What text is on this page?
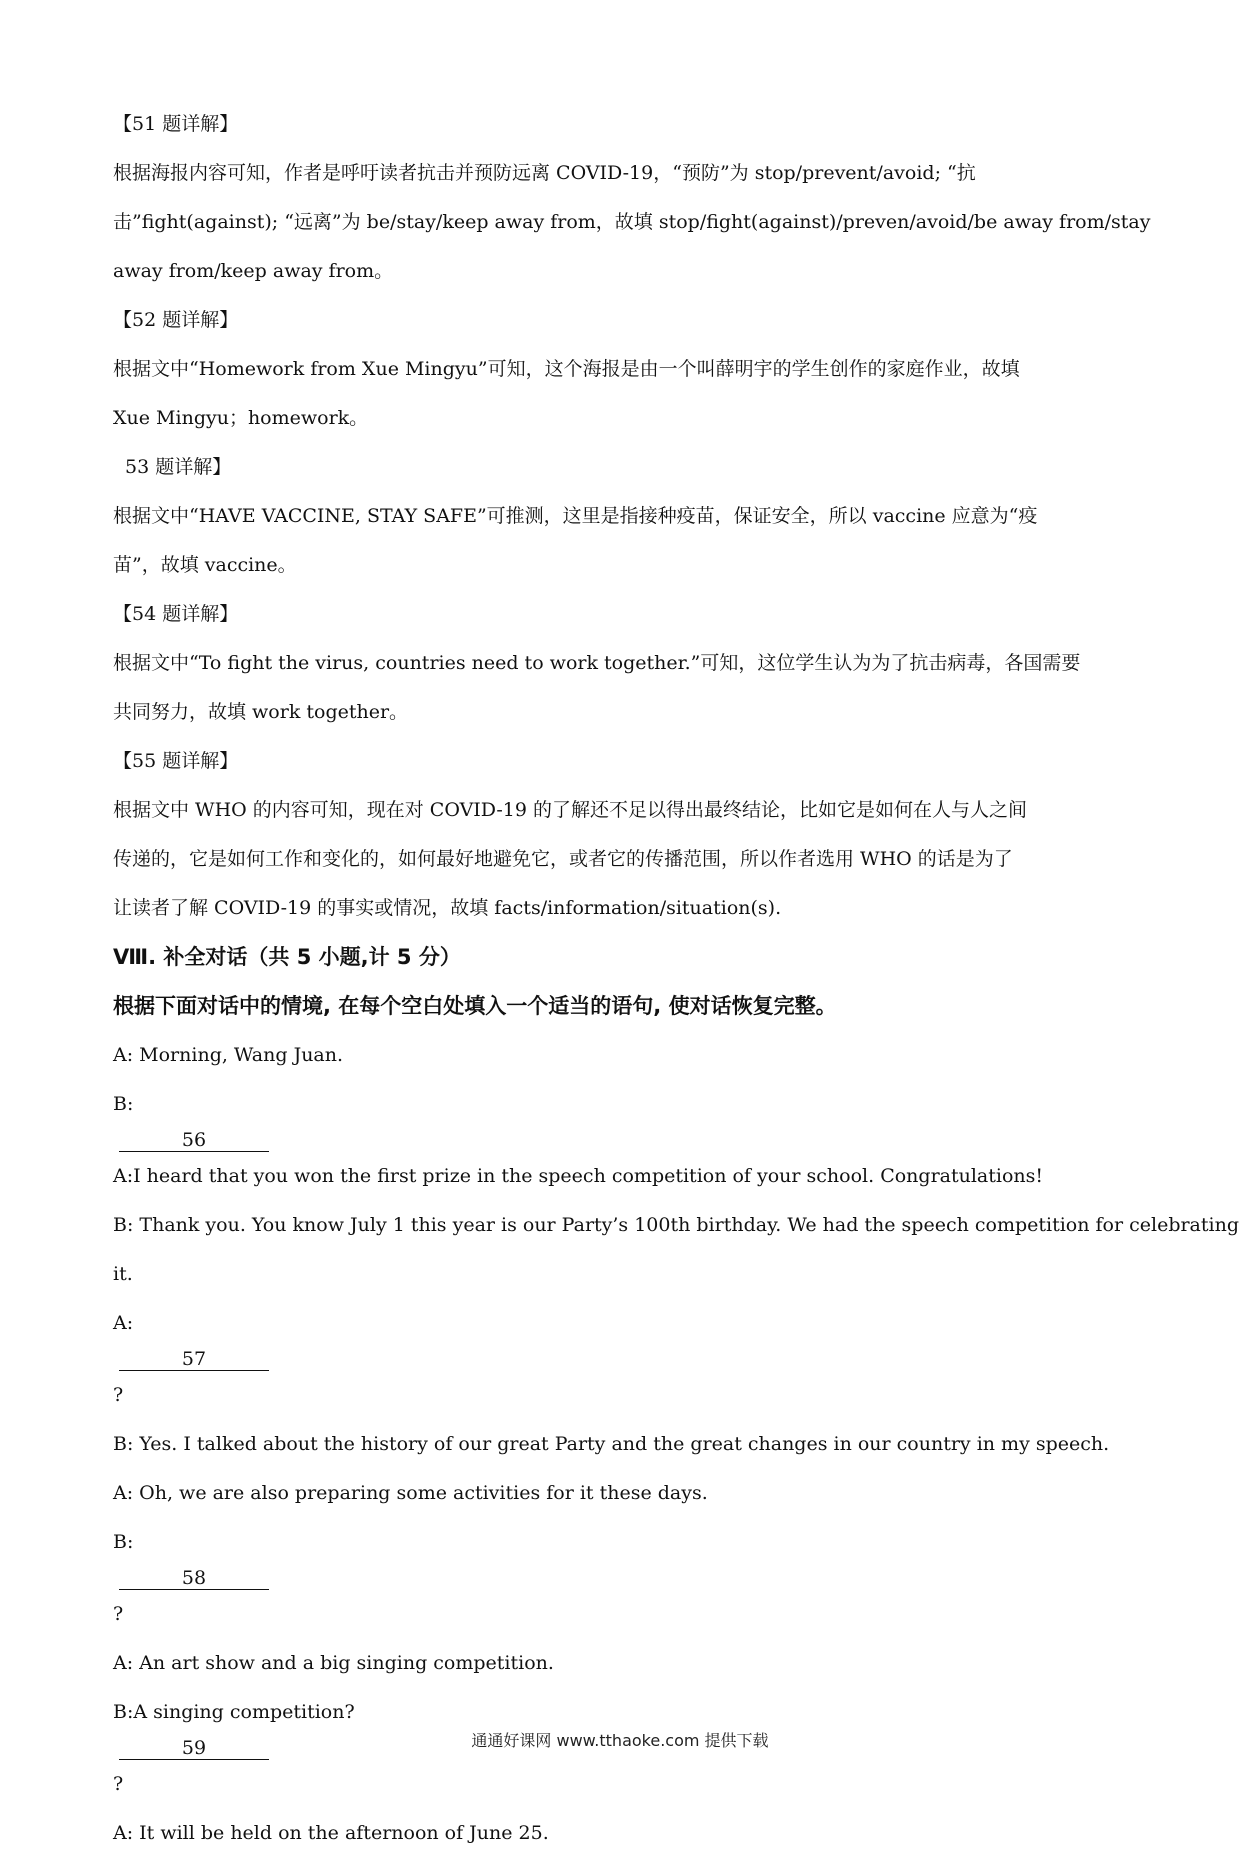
【51 题详解】

根据海报内容可知，作者是呼吁读者抗击并预防远离 COVID-19，“预防”为 stop/prevent/avoid; “抗
击”fight(against); “远离”为 be/stay/keep away from，故填 stop/fight(against)/preven/avoid/be away from/stay
away from/keep away from。

【52 题详解】

根据文中“Homework from Xue Mingyu”可知，这个海报是由一个叫薛明宇的学生创作的家庭作业，故填
Xue Mingyu；homework。

53 题详解】

根据文中“HAVE VACCINE, STAY SAFE”可推测，这里是指接种疫苗，保证安全，所以 vaccine 应意为“疫
苗”，故填 vaccine。

【54 题详解】

根据文中“To fight the virus, countries need to work together.”可知，这位学生认为为了抗击病毒，各国需要
共同努力，故填 work together。

【55 题详解】

根据文中 WHO 的内容可知，现在对 COVID-19 的了解还不足以得出最终结论，比如它是如何在人与人之间
传递的，它是如何工作和变化的，如何最好地避免它，或者它的传播范围，所以作者选用 WHO 的话是为了
让读者了解 COVID-19 的事实或情况，故填 facts/information/situation(s).

Ⅷ. 补全对话（共 5 小题,计 5 分）

根据下面对话中的情境, 在每个空白处填入一个适当的语句, 使对话恢复完整。

A: Morning, Wang Juan.
B:
56
A:I heard that you won the first prize in the speech competition of your school. Congratulations!
B: Thank you. You know July 1 this year is our Party’s 100th birthday. We had the speech competition for celebrating
it.
A:
57
?
B: Yes. I talked about the history of our great Party and the great changes in our country in my speech.
A: Oh, we are also preparing some activities for it these days.
B:
58
?
A: An art show and a big singing competition.
B:A singing competition?
59
?
A: It will be held on the afternoon of June 25.
通通好课网 www.tthaoke.com 提供下载
